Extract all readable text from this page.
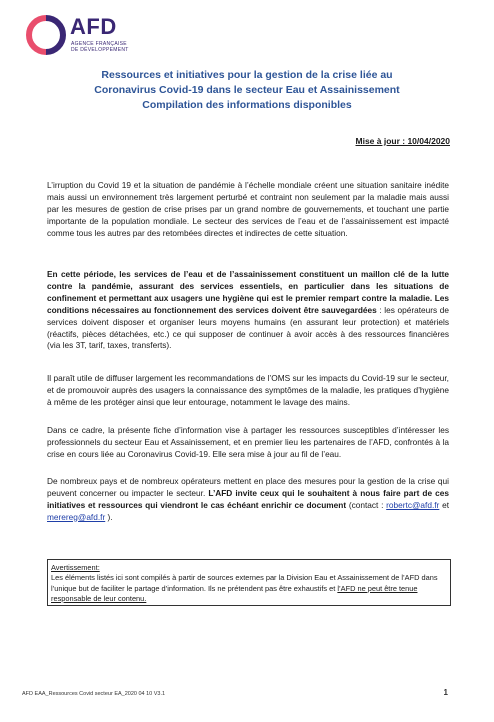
AFD
AGENCE FRANÇAISE
DE DÉVELOPPEMENT
Ressources et initiatives pour la gestion de la crise liée au
Coronavirus Covid-19 dans le secteur Eau et Assainissement
Compilation des informations disponibles
Mise à jour : 10/04/2020
L’irruption du Covid 19 et la situation de pandémie à l’échelle mondiale créent une situation sanitaire inédite mais aussi un environnement très largement perturbé et contraint non seulement par la maladie mais aussi par les mesures de gestion de crise prises par un grand nombre de gouvernements, et touchant une partie importante de la population mondiale. Le secteur des services de l’eau et de l’assainissement est impacté comme tous les autres par des retombées directes et indirectes de cette situation.
En cette période, les services de l’eau et de l’assainissement constituent un maillon clé de la lutte contre la pandémie, assurant des services essentiels, en particulier dans les situations de confinement et permettant aux usagers une hygiène qui est le premier rempart contre la maladie. Les conditions nécessaires au fonctionnement des services doivent être sauvegardées : les opérateurs de services doivent disposer et organiser leurs moyens humains (en assurant leur protection) et matériels (réactifs, pièces détachées, etc.) ce qui supposer de continuer à avoir accès à des ressources financières (via les 3T, tarif, taxes, transferts).
Il paraît utile de diffuser largement les recommandations de l’OMS sur les impacts du Covid-19 sur le secteur, et de promouvoir auprès des usagers la connaissance des symptômes de la maladie, les pratiques d’hygiène à même de les protéger ainsi que leur entourage, notamment le lavage des mains.
Dans ce cadre, la présente fiche d’information vise à partager les ressources susceptibles d’intéresser les professionnels du secteur Eau et Assainissement, et en premier lieu les partenaires de l’AFD, confrontés à la crise en cours liée au Coronavirus Covid-19. Elle sera mise à jour au fil de l’eau.
De nombreux pays et de nombreux opérateurs mettent en place des mesures pour la gestion de la crise qui peuvent concerner ou impacter le secteur. L’AFD invite ceux qui le souhaitent à nous faire part de ces initiatives et ressources qui viendront le cas échéant enrichir ce document (contact : robertc@afd.fr et merereg@afd.fr ).
Avertissement:
Les éléments listés ici sont compilés à partir de sources externes par la Division Eau et Assainissement de l’AFD dans l’unique but de faciliter le partage d’information. Ils ne prétendent pas être exhaustifs et l’AFD ne peut être tenue responsable de leur contenu.
AFD EAA_Ressources Covid secteur EA_2020 04 10 V3.1	1
